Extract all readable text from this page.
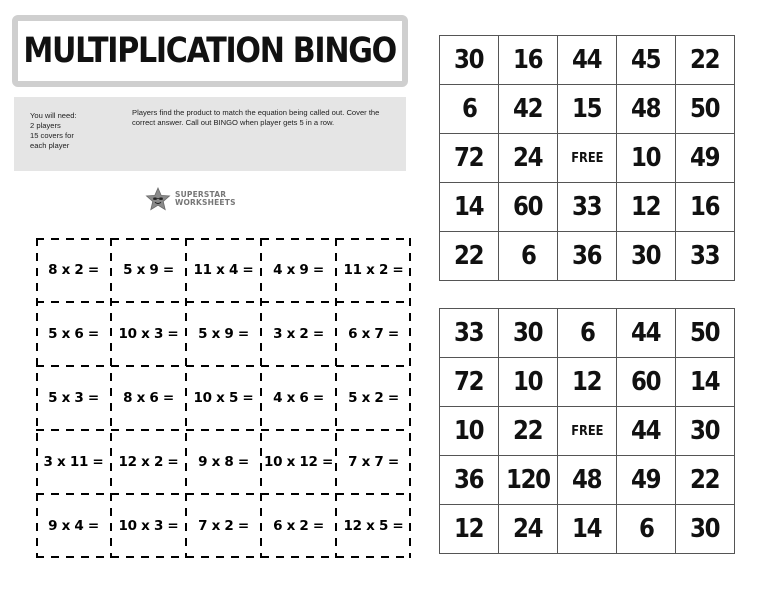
MULTIPLICATION BINGO
You will need:
2 players
15 covers for
each player
Players find the product to match the equation being called out. Cover the correct answer. Call out BINGO when player gets 5 in a row.
SUPERSTAR
WORKSHEETS
8 x 2 =	5 x 9 =	11 x 4 =	4 x 9 =	11 x 2 =
5 x 6 =	10 x 3 =	5 x 9 =	3 x 2 =	6 x 7 =
5 x 3 =	8 x 6 =	10 x 5 =	4 x 6 =	5 x 2 =
3 x 11 =	12 x 2 =	9 x 8 =	10 x 12 =	7 x 7 =
9 x 4 =	10 x 3 =	7 x 2 =	6 x 2 =	12 x 5 =
30	16	44	45	22
6	42	15	48	50
72	24	FREE	10	49
14	60	33	12	16
22	6	36	30	33
33	30	6	44	50
72	10	12	60	14
10	22	FREE	44	30
36	120	48	49	22
12	24	14	6	30
